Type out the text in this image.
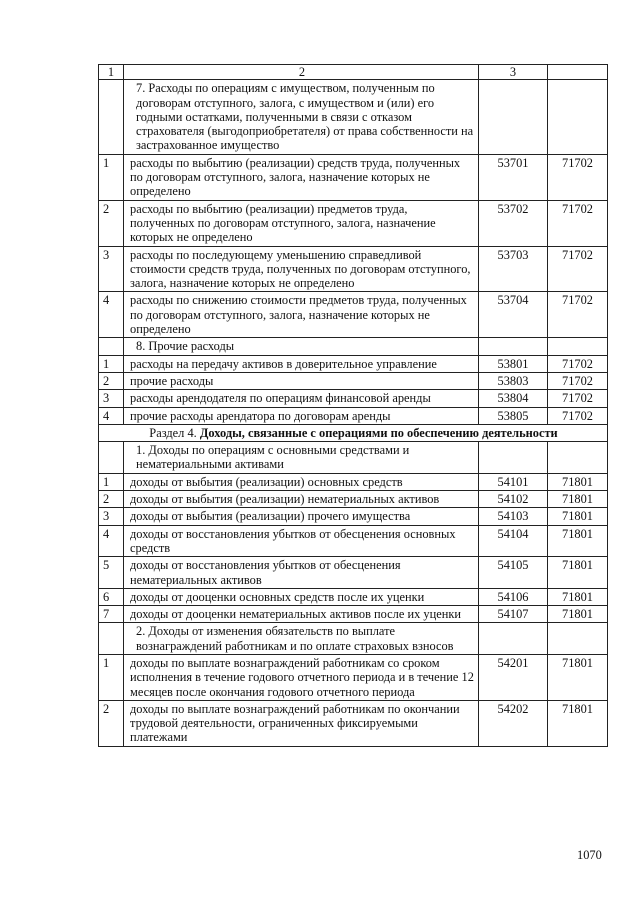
1	2	3	
	7. Расходы по операциям с имуществом, полученным по договорам отступного, залога, с имуществом и (или) его годными остатками, полученными в связи с отказом страхователя (выгодоприобретателя) от права собственности на застрахованное имущество		
1	расходы по выбытию (реализации) средств труда, полученных по договорам отступного, залога, назначение которых не определено	53701	71702
2	расходы по выбытию (реализации) предметов труда, полученных по договорам отступного, залога, назначение которых не определено	53702	71702
3	расходы по последующему уменьшению справедливой стоимости средств труда, полученных по договорам отступного, залога, назначение которых не определено	53703	71702
4	расходы по снижению стоимости предметов труда, полученных по договорам отступного, залога, назначение которых не определено	53704	71702
	8. Прочие расходы		
1	расходы на передачу активов в доверительное управление	53801	71702
2	прочие расходы	53803	71702
3	расходы арендодателя по операциям финансовой аренды	53804	71702
4	прочие расходы арендатора по договорам аренды	53805	71702
Раздел 4. Доходы, связанные с операциями по обеспечению деятельности			
	1. Доходы по операциям с основными средствами и нематериальными активами		
1	доходы от выбытия (реализации) основных средств	54101	71801
2	доходы от выбытия (реализации) нематериальных активов	54102	71801
3	доходы от выбытия (реализации) прочего имущества	54103	71801
4	доходы от восстановления убытков от обесценения основных средств	54104	71801
5	доходы от восстановления убытков от обесценения нематериальных активов	54105	71801
6	доходы от дооценки основных средств после их уценки	54106	71801
7	доходы от дооценки нематериальных активов после их уценки	54107	71801
	2. Доходы от изменения обязательств по выплате вознаграждений работникам и по оплате страховых взносов		
1	доходы по выплате вознаграждений работникам со сроком исполнения в течение годового отчетного периода и в течение 12 месяцев после окончания годового отчетного периода	54201	71801
2	доходы по выплате вознаграждений работникам по окончании трудовой деятельности, ограниченных фиксируемыми платежами	54202	71801
1070
